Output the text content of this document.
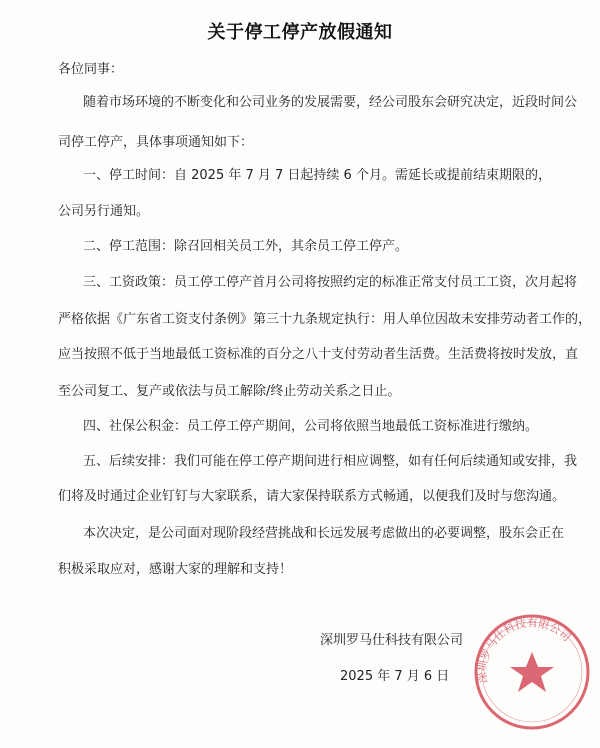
关于停工停产放假通知
各位同事：
随着市场环境的不断变化和公司业务的发展需要，经公司股东会研究决定，近段时间公
司停工停产，具体事项通知如下：
一、停工时间：自 2025 年 7 月 7 日起持续 6 个月。需延长或提前结束期限的，
公司另行通知。
二、停工范围：除召回相关员工外，其余员工停工停产。
三、工资政策：员工停工停产首月公司将按照约定的标准正常支付员工工资，次月起将
严格依据《广东省工资支付条例》第三十九条规定执行：用人单位因故未安排劳动者工作的，
应当按照不低于当地最低工资标准的百分之八十支付劳动者生活费。生活费将按时发放，直
至公司复工、复产或依法与员工解除/终止劳动关系之日止。
四、社保公积金：员工停工停产期间，公司将依照当地最低工资标准进行缴纳。
五、后续安排：我们可能在停工停产期间进行相应调整，如有任何后续通知或安排，我
们将及时通过企业钉钉与大家联系，请大家保持联系方式畅通，以便我们及时与您沟通。
本次决定，是公司面对现阶段经营挑战和长远发展考虑做出的必要调整，股东会正在
积极采取应对，感谢大家的理解和支持！
深圳罗马仕科技有限公司
深圳罗马仕科技有限公司
2025 年 7 月 6 日
